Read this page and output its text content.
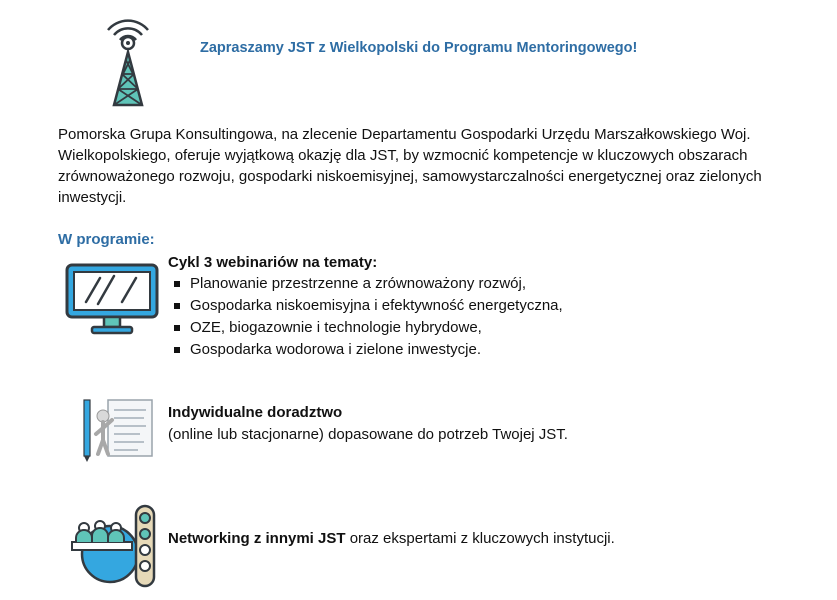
Zapraszamy JST z Wielkopolski do Programu Mentoringowego!
Pomorska Grupa Konsultingowa, na zlecenie Departamentu Gospodarki Urzędu Marszałkowskiego Woj. Wielkopolskiego, oferuje wyjątkową okazję dla JST, by wzmocnić kompetencje w kluczowych obszarach zrównoważonego rozwoju, gospodarki niskoemisyjnej, samowystarczalności energetycznej oraz zielonych inwestycji.
W programie:
Cykl 3 webinariów na tematy:
Planowanie przestrzenne a zrównoważony rozwój,
Gospodarka niskoemisyjna i efektywność energetyczna,
OZE, biogazownie i technologie hybrydowe,
Gospodarka wodorowa i zielone inwestycje.
Indywidualne doradztwo
(online lub stacjonarne) dopasowane do potrzeb Twojej JST.
Networking z innymi JST oraz ekspertami z kluczowych instytucji.
